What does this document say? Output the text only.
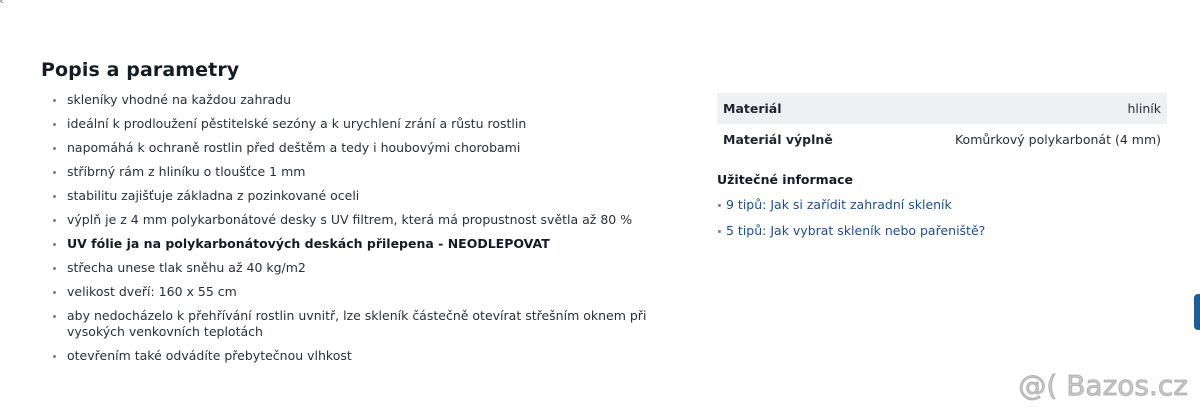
ᵋ
Popis a parametry
skleníky vhodné na každou zahradu
ideální k prodloužení pěstitelské sezóny a k urychlení zrání a růstu rostlin
napomáhá k ochraně rostlin před deštěm a tedy i houbovými chorobami
stříbrný rám z hliníku o tloušťce 1 mm
stabilitu zajišťuje základna z pozinkované oceli
výplň je z 4 mm polykarbonátové desky s UV filtrem, která má propustnost světla až 80 %
UV fólie ja na polykarbonátových deskách přilepena - NEODLEPOVAT
střecha unese tlak sněhu až 40 kg/m2
velikost dveří: 160 x 55 cm
aby nedocházelo k přehřívání rostlin uvnitř, lze skleník částečně otevírat střešním oknem při vysokých venkovních teplotách
otevřením také odvádíte přebytečnou vlhkost
Materiál	hliník
Materiál výplně	Komůrkový polykarbonát (4 mm)
Užitečné informace
9 tipů: Jak si zařídit zahradní skleník
5 tipů: Jak vybrat skleník nebo pařeniště?
@( Bazos.cz
